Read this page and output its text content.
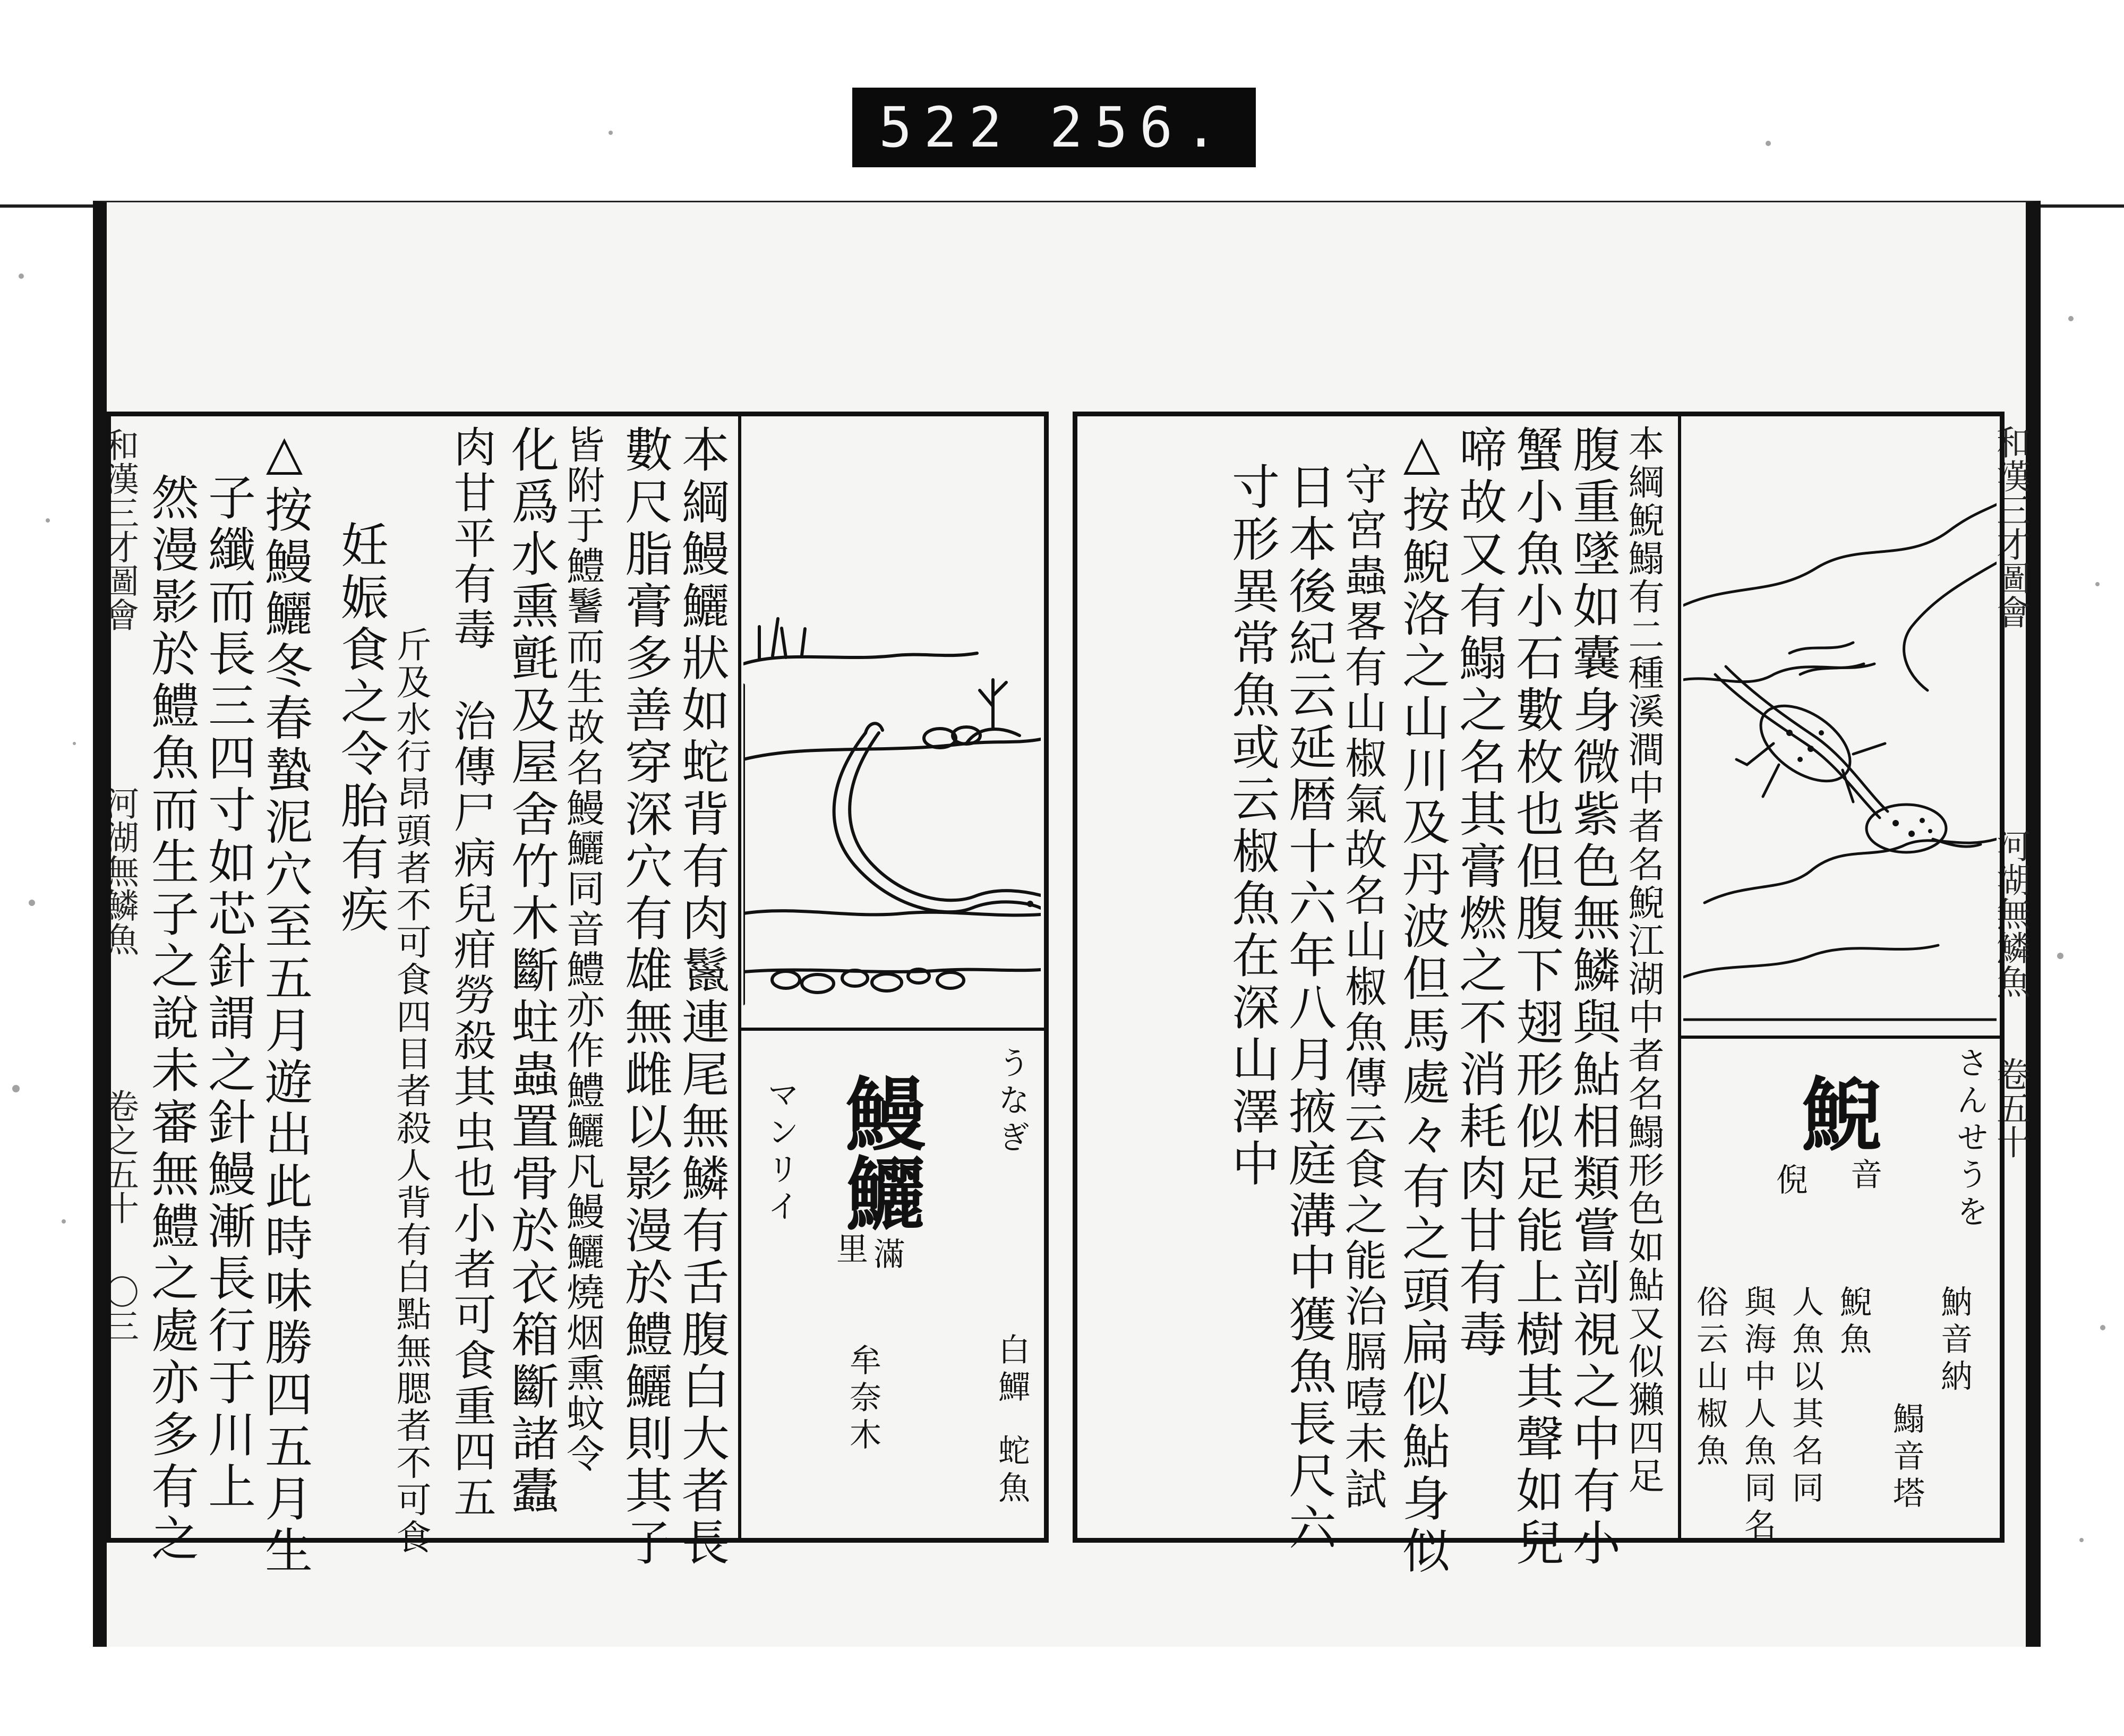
522 256.
和漢三才圖會
河湖無鱗魚
卷之五十
〇三
うなぎ
鰻鱺
マンリイ
滿
里
牟奈木	白鱓
蛇魚
本綱鰻鱺狀如蛇背有肉鬣連尾無鱗有舌腹白大者長
數尺脂膏多善穿深穴有雄無雌以影漫於鱧鱺則其子
皆附于鱧鬐而生故名鰻鱺同音鱧亦作鱧鱺凡鰻鱺燒烟熏蚊令
化爲水熏氈及屋舍竹木斷蛀蟲置骨於衣箱斷諸蠹
肉甘平有毒　治傳尸病兒疳勞殺其虫也小者可食重四五
斤及水行昂頭者不可食四目者殺人背有白點無腮者不可食
妊娠食之令胎有疾
△按鰻鱺冬春蟄泥穴至五月遊出此時味勝四五月生
子纖而長三四寸如芯針謂之針鰻漸長行于川上
然漫影於鱧魚而生子之說未審無鱧之處亦多有之	和漢三才圖會
河湖無鱗魚
卷五十
さんせうを
鯢
音
倪
魶音納
鰨音塔
鯢魚
人魚以其名同
與海中人魚同名
俗云山椒魚
本綱鯢鰨有二種溪澗中者名鯢江湖中者名鰨形色如鮎又似獺四足
腹重墜如囊身微紫色無鱗與鮎相類嘗剖視之中有小
蟹小魚小石數枚也但腹下翅形似足能上樹其聲如兒
啼故又有鰨之名其膏燃之不消耗肉甘有毒
△按鯢洛之山川及丹波但馬處々有之頭扁似鮎身似
守宮蟲畧有山椒氣故名山椒魚傳云食之能治膈噎未試
日本後紀云延暦十六年八月掖庭溝中獲魚長尺六
寸形異常魚或云椒魚在深山澤中
